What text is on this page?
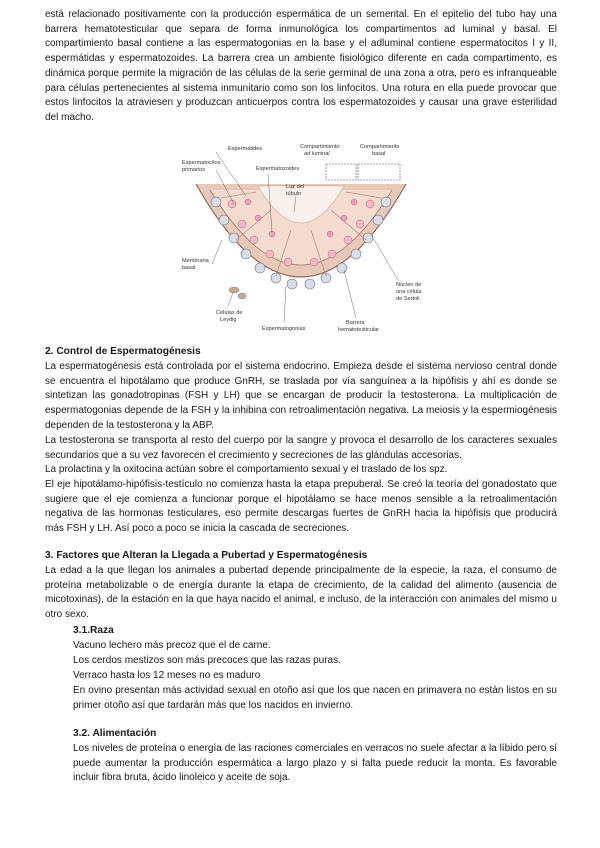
está relacionado positivamente con la producción espermática de un semental. En el epitelio del tubo hay una barrera hematotesticular que separa de forma inmunológica los compartimentos ad luminal y basal. El compartimiento basal contiene a las espermatogonias en la base y el adluminal contiene espermatocitos I y II, espermátidas y espermatozoides. La barrera crea un ambiente fisiológico diferente en cada compartimento, es dinámica porque permite la migración de las células de la serie germinal de una zona a otra, pero es infranqueable para células pertenecientes al sistema inmunitario como son los linfocitos. Una rotura en ella puede provocar que estos linfocitos la atraviesen y produzcan anticuerpos contra los espermatozoides y causar una grave esterilidad del macho.

Espermátides
Espermatocitos
primarios	Espermatozoides
Compartimiento
ad luminal
Compartimiento
basal
Luz del
túbulo
Membrana
basal
Células de
Leydig
Espermatogonias
Barrera
hematotesticular
Núcleo de
una célula
de Sertoli
2. Control de Espermatogénesis

La espermatogénesis está controlada por el sistema endocrino. Empieza desde el sistema nervioso central donde se encuentra el hipotálamo que produce GnRH, se traslada por vía sanguínea a la hipófisis y ahí es donde se sintetizan las gonadotropinas (FSH y LH) que se encargan de producir la testosterona. La multiplicación de espermatogonias depende de la FSH y la inhibina con retroalimentación negativa. La meiosis y la espermiogénesis dependen de la testosterona y la ABP.

La testosterona se transporta al resto del cuerpo por la sangre y provoca el desarrollo de los caracteres sexuales secundarios que a su vez favorecen el crecimiento y secreciones de las glándulas accesorias.

La prolactina y la oxitocina actúan sobre el comportamiento sexual y el traslado de los spz.

El eje hipotálamo-hipófisis-testículo no comienza hasta la etapa prepuberal. Se creó la teoría del gonadostato que sugiere que el eje comienza a funcionar porque el hipotálamo se hace menos sensible a la retroalimentación negativa de las hormonas testiculares, eso permite descargas fuertes de GnRH hacia la hipófisis que producirá más FSH y LH. Así poco a poco se inicia la cascada de secreciones.

3. Factores que Alteran la Llegada a Pubertad y Espermatogénesis

La edad a la que llegan los animales a pubertad depende principalmente de la especie, la raza, el consumo de proteína metabolizable o de energía durante la etapa de crecimiento, de la calidad del alimento (ausencia de micotoxinas), de la estación en la que haya nacido el animal, e incluso, de la interacción con animales del mismo u otro sexo.

3.1.Raza

Vacuno lechero más precoz que el de carne.

Los cerdos mestizos son más precoces que las razas puras.

Verraco hasta los 12 meses no es maduro

En ovino presentan más actividad sexual en otoño así que los que nacen en primavera no están listos en su primer otoño así que tardarán más que los nacidos en invierno.

3.2. Alimentación

Los niveles de proteína o energía de las raciones comerciales en verracos no suele afectar a la líbido pero sí puede aumentar la producción espermática a largo plazo y si falta puede reducir la monta. Es favorable incluir fibra bruta, ácido linoleico y aceite de soja.
